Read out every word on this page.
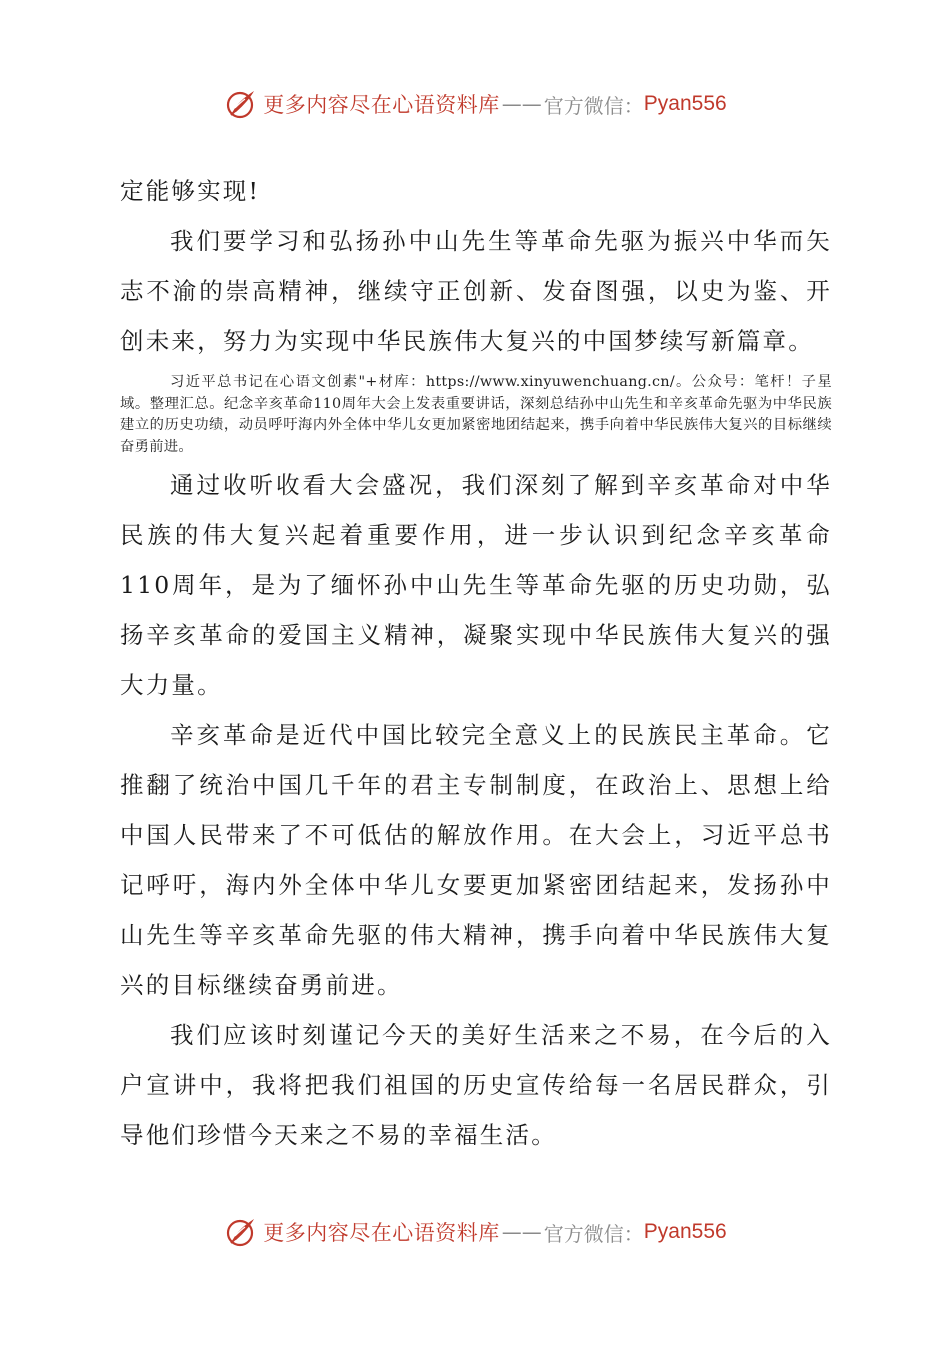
更多内容尽在心语资料库 —— 官方微信： Pyan556

定能够实现!

我们要学习和弘扬孙中山先生等革命先驱为振兴中华而矢志不渝的崇高精神，继续守正创新、发奋图强，以史为鉴、开创未来，努力为实现中华民族伟大复兴的中国梦续写新篇章。

习近平总书记在心语文创素"+材库：https://www.xinyuwenchuang.cn/。公众号：笔杆！子星域。整理汇总。纪念辛亥革命110周年大会上发表重要讲话，深刻总结孙中山先生和辛亥革命先驱为中华民族建立的历史功绩，动员呼吁海内外全体中华儿女更加紧密地团结起来，携手向着中华民族伟大复兴的目标继续奋勇前进。

通过收听收看大会盛况，我们深刻了解到辛亥革命对中华民族的伟大复兴起着重要作用，进一步认识到纪念辛亥革命110周年，是为了缅怀孙中山先生等革命先驱的历史功勋，弘扬辛亥革命的爱国主义精神，凝聚实现中华民族伟大复兴的强大力量。

辛亥革命是近代中国比较完全意义上的民族民主革命。它推翻了统治中国几千年的君主专制制度，在政治上、思想上给中国人民带来了不可低估的解放作用。在大会上，习近平总书记呼吁，海内外全体中华儿女要更加紧密团结起来，发扬孙中山先生等辛亥革命先驱的伟大精神，携手向着中华民族伟大复兴的目标继续奋勇前进。

我们应该时刻谨记今天的美好生活来之不易，在今后的入户宣讲中，我将把我们祖国的历史宣传给每一名居民群众，引导他们珍惜今天来之不易的幸福生活。

更多内容尽在心语资料库 —— 官方微信： Pyan556
